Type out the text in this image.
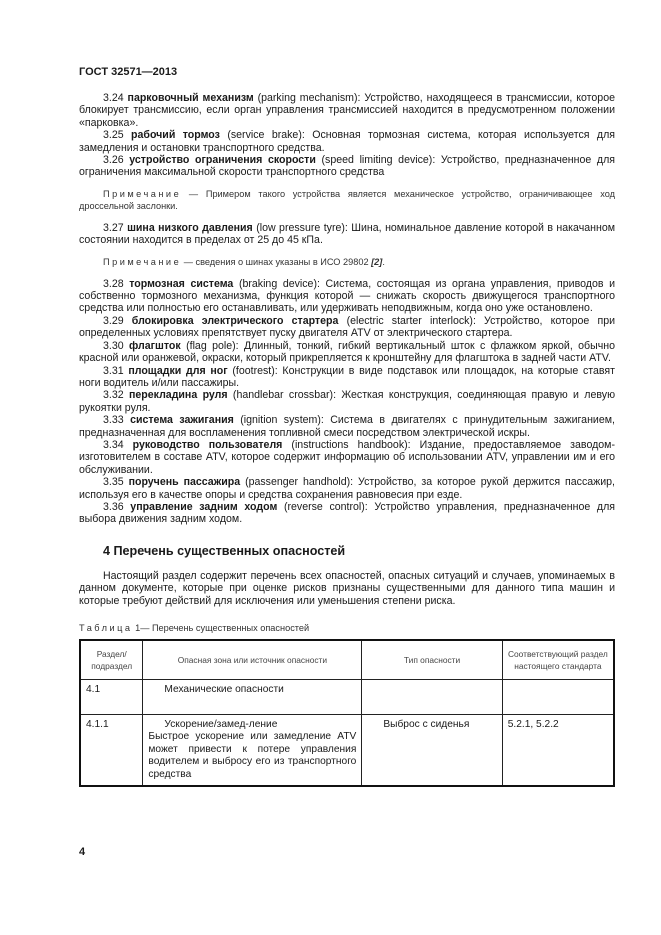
ГОСТ 32571—2013

3.24 парковочный механизм (parking mechanism): Устройство, находящееся в трансмиссии, которое блокирует трансмиссию, если орган управления трансмиссией находится в предусмотренном положении «парковка».

3.25 рабочий тормоз (service brake): Основная тормозная система, которая используется для замедления и остановки транспортного средства.

3.26 устройство ограничения скорости (speed limiting device): Устройство, предназначенное для ограничения максимальной скорости транспортного средства

Примечание — Примером такого устройства является механическое устройство, ограничивающее ход дроссельной заслонки.

3.27 шина низкого давления (low pressure tyre): Шина, номинальное давление которой в накачанном состоянии находится в пределах от 25 до 45 кПа.

Примечание — сведения о шинах указаны в ИСО 29802 [2].

3.28 тормозная система (braking device): Система, состоящая из органа управления, приводов и собственно тормозного механизма, функция которой — снижать скорость движущегося транспортного средства или полностью его останавливать, или удерживать неподвижным, когда оно уже остановлено.

3.29 блокировка электрического стартера (electric starter interlock): Устройство, которое при определенных условиях препятствует пуску двигателя ATV от электрического стартера.

3.30 флагшток (flag pole): Длинный, тонкий, гибкий вертикальный шток с флажком яркой, обычно красной или оранжевой, окраски, который прикрепляется к кронштейну для флагштока в задней части ATV.

3.31 площадки для ног (footrest): Конструкции в виде подставок или площадок, на которые ставят ноги водитель и/или пассажиры.

3.32 перекладина руля (handlebar crossbar): Жесткая конструкция, соединяющая правую и левую рукоятки руля.

3.33 система зажигания (ignition system): Система в двигателях с принудительным зажиганием, предназначенная для воспламенения топливной смеси посредством электрической искры.

3.34 руководство пользователя (instructions handbook): Издание, предоставляемое заводом-изготовителем в составе ATV, которое содержит информацию об использовании ATV, управлении им и его обслуживании.

3.35 поручень пассажира (passenger handhold): Устройство, за которое рукой держится пассажир, используя его в качестве опоры и средства сохранения равновесия при езде.

3.36 управление задним ходом (reverse control): Устройство управления, предназначенное для выбора движения задним ходом.

4 Перечень существенных опасностей

Настоящий раздел содержит перечень всех опасностей, опасных ситуаций и случаев, упоминаемых в данном документе, которые при оценке рисков признаны существенными для данного типа машин и которые требуют действий для исключения или уменьшения степени риска.

Таблица 1— Перечень существенных опасностей
Раздел/ подраздел	Опасная зона или источник опасности	Тип опасности	Соответствующий раздел настоящего стандарта

4.1	Механические опасности		

4.1.1	Ускорение/замед-ление
Быстрое ускорение или замедление ATV может привести к потере управления водителем и выбросу его из транспортного средства	Выброс с сиденья	5.2.1, 5.2.2
4
